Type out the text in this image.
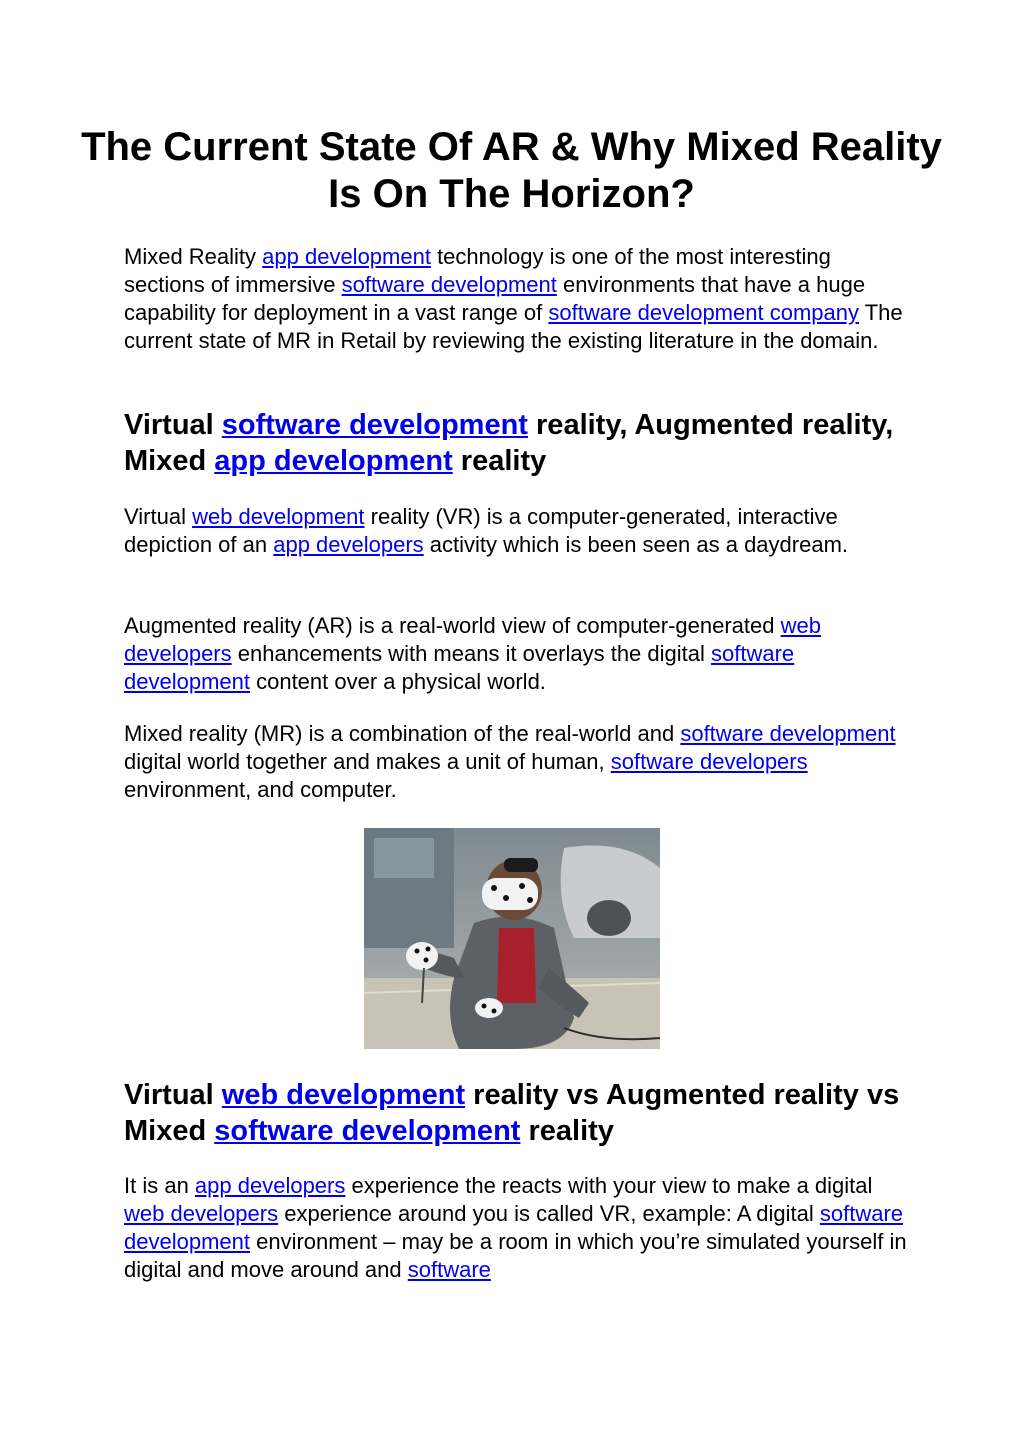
The Current State Of AR & Why Mixed Reality Is On The Horizon?

Mixed Reality app development technology is one of the most interesting sections of immersive software development environments that have a huge capability for deployment in a vast range of software development company The current state of MR in Retail by reviewing the existing literature in the domain.

Virtual software development reality, Augmented reality, Mixed app development reality

Virtual web development reality (VR) is a computer-generated, interactive depiction of an app developers activity which is been seen as a daydream.

Augmented reality (AR) is a real-world view of computer-generated web developers enhancements with means it overlays the digital software development content over a physical world.

Mixed reality (MR) is a combination of the real-world and software development digital world together and makes a unit of human, software developers environment, and computer.

Virtual web development reality vs Augmented reality vs Mixed software development reality

It is an app developers experience the reacts with your view to make a digital web developers experience around you is called VR, example: A digital software development environment – may be a room in which you’re simulated yourself in digital and move around and software
